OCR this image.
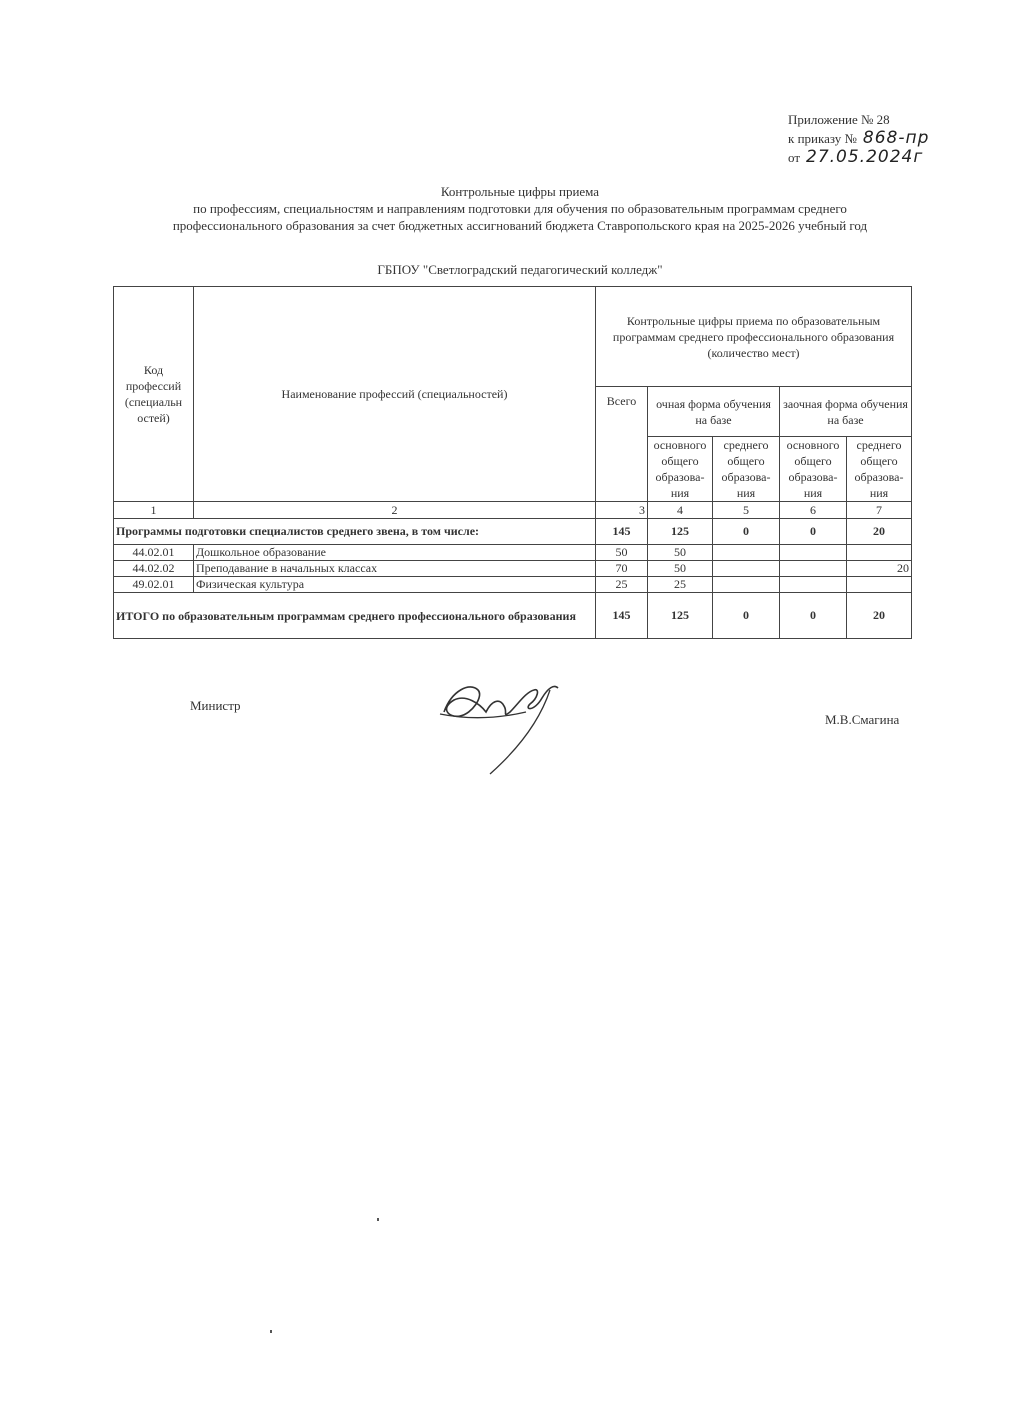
Приложение № 28
к приказу № 868-пр
от 27.05.2024г
Контрольные цифры приема
по профессиям, специальностям и направлениям подготовки для обучения по образовательным программам среднего
профессионального образования за счет бюджетных ассигнований бюджета Ставропольского края на 2025-2026 учебный год
ГБПОУ "Светлоградский педагогический колледж"
Код профессий (специальн остей)	Наименование профессий (специальностей)	Контрольные цифры приема по образовательным программам среднего профессионального образования (количество мест)				
		Всего	очная форма обучения на базе		заочная форма обучения на базе	
			основного общего образова-ния	среднего общего образова-ния	основного общего образова-ния	среднего общего образова-ния
1	2	3	4	5	6	7
Программы подготовки специалистов среднего звена, в том числе:		145	125	0	0	20
44.02.01	Дошкольное образование	50	50			
44.02.02	Преподавание в начальных классах	70	50			20
49.02.01	Физическая культура	25	25			
ИТОГО по образовательным программам среднего профессионального образования		145	125	0	0	20
Министр
М.В.Смагина
